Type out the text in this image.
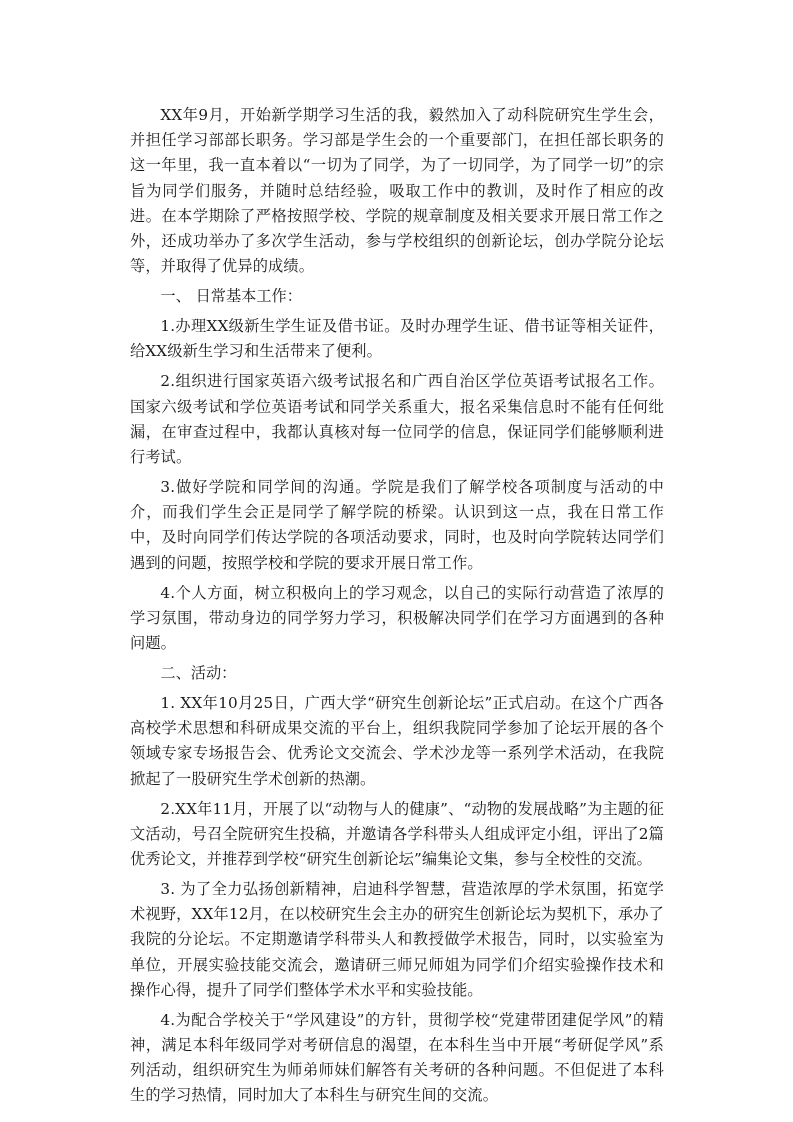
XX年9月，开始新学期学习生活的我，毅然加入了动科院研究生学生会，并担任学习部部长职务。学习部是学生会的一个重要部门，在担任部长职务的这一年里，我一直本着以“一切为了同学，为了一切同学，为了同学一切”的宗旨为同学们服务，并随时总结经验，吸取工作中的教训，及时作了相应的改进。在本学期除了严格按照学校、学院的规章制度及相关要求开展日常工作之外，还成功举办了多次学生活动，参与学校组织的创新论坛，创办学院分论坛等，并取得了优异的成绩。

一、 日常基本工作：

1.办理XX级新生学生证及借书证。及时办理学生证、借书证等相关证件，给XX级新生学习和生活带来了便利。

2.组织进行国家英语六级考试报名和广西自治区学位英语考试报名工作。国家六级考试和学位英语考试和同学关系重大，报名采集信息时不能有任何纰漏，在审查过程中，我都认真核对每一位同学的信息，保证同学们能够顺利进行考试。

3.做好学院和同学间的沟通。学院是我们了解学校各项制度与活动的中介，而我们学生会正是同学了解学院的桥梁。认识到这一点，我在日常工作中，及时向同学们传达学院的各项活动要求，同时，也及时向学院转达同学们遇到的问题，按照学校和学院的要求开展日常工作。

4.个人方面，树立积极向上的学习观念，以自己的实际行动营造了浓厚的学习氛围，带动身边的同学努力学习，积极解决同学们在学习方面遇到的各种问题。

二、活动：

1. XX年10月25日，广西大学“研究生创新论坛”正式启动。在这个广西各高校学术思想和科研成果交流的平台上，组织我院同学参加了论坛开展的各个领域专家专场报告会、优秀论文交流会、学术沙龙等一系列学术活动，在我院掀起了一股研究生学术创新的热潮。

2.XX年11月，开展了以“动物与人的健康”、“动物的发展战略”为主题的征文活动，号召全院研究生投稿，并邀请各学科带头人组成评定小组，评出了2篇优秀论文，并推荐到学校“研究生创新论坛”编集论文集，参与全校性的交流。

3. 为了全力弘扬创新精神，启迪科学智慧，营造浓厚的学术氛围，拓宽学术视野，XX年12月，在以校研究生会主办的研究生创新论坛为契机下，承办了我院的分论坛。不定期邀请学科带头人和教授做学术报告，同时，以实验室为单位，开展实验技能交流会，邀请研三师兄师姐为同学们介绍实验操作技术和操作心得，提升了同学们整体学术水平和实验技能。

4.为配合学校关于“学风建设”的方针，贯彻学校“党建带团建促学风”的精神，满足本科年级同学对考研信息的渴望，在本科生当中开展“考研促学风”系列活动，组织研究生为师弟师妹们解答有关考研的各种问题。不但促进了本科生的学习热情，同时加大了本科生与研究生间的交流。
